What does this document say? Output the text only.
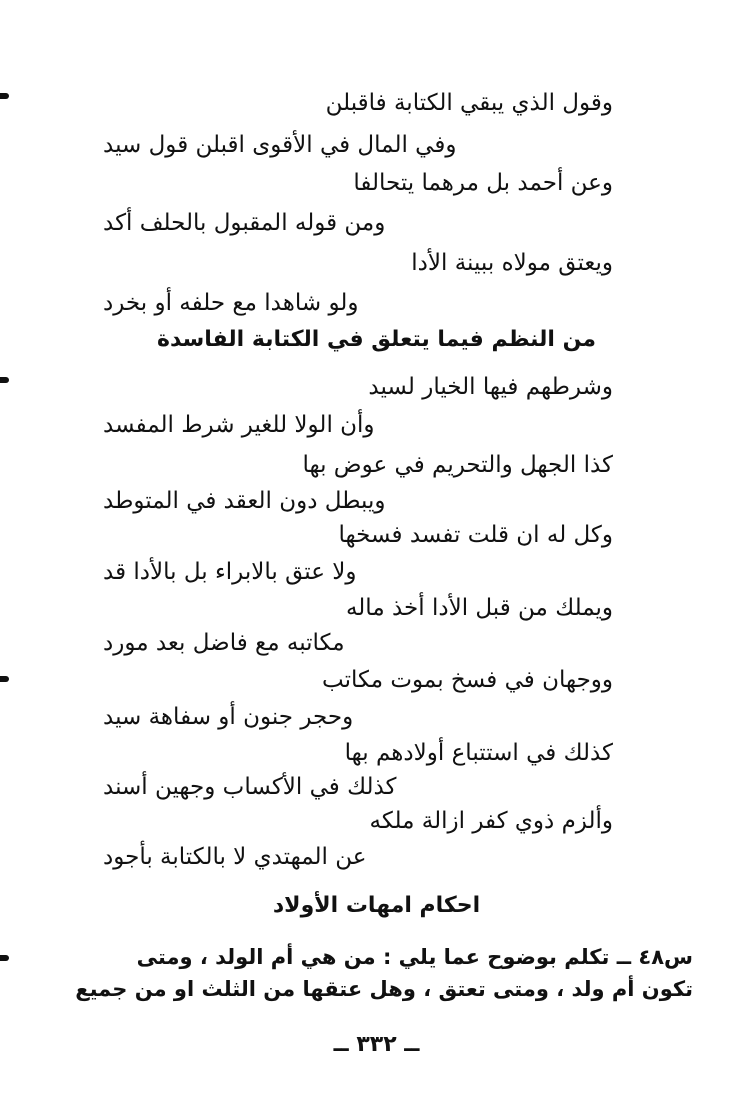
وقول الذي يبقي الكتابة فاقبلن
وفي المال في الأقوى اقبلن قول سيد
وعن أحمد بل مرهما يتحالفا
ومن قوله المقبول بالحلف أكد
ويعتق مولاه ببينة الأدا
ولو شاهدا مع حلفه أو بخرد
من النظم فيما يتعلق في الكتابة الفاسدة
وشرطهم فيها الخيار لسيد
وأن الولا للغير شرط المفسد
كذا الجهل والتحريم في عوض بها
ويبطل دون العقد في المتوطد
وكل له ان قلت تفسد فسخها
ولا عتق بالابراء بل بالأدا قد
ويملك من قبل الأدا أخذ ماله
مكاتبه مع فاضل بعد مورد
ووجهان في فسخ بموت مكاتب
وحجر جنون أو سفاهة سيد
كذلك في استتباع أولادهم بها
كذلك في الأكساب وجهين أسند
وألزم ذوي كفر ازالة ملكه
عن المهتدي لا بالكتابة بأجود
احكام امهات الأولاد
س٤٨ ــ تكلم بوضوح عما يلي : من هي أم الولد ، ومتى
تكون أم ولد ، ومتى تعتق ، وهل عتقها من الثلث او من جميع
ــ ٣٣٢ ــ
